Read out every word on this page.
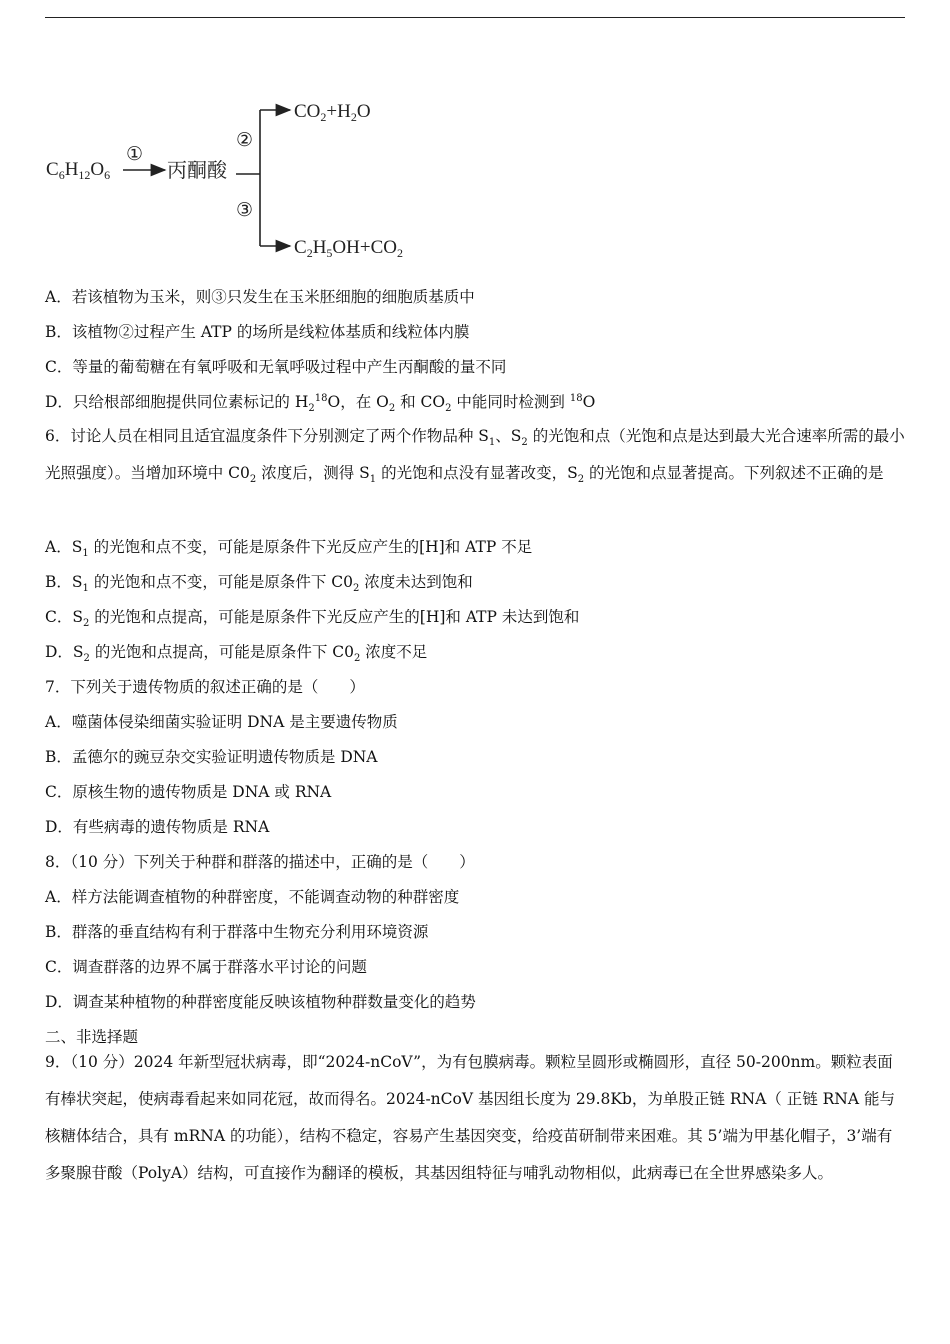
$C_6H_{12}O_6$
①
丙酮酸
②
③
$CO_2+H_2O$
$C_2H_5OH+CO_2$
A．若该植物为玉米，则③只发生在玉米胚细胞的细胞质基质中
B．该植物②过程产生 ATP 的场所是线粒体基质和线粒体内膜
C．等量的葡萄糖在有氧呼吸和无氧呼吸过程中产生丙酮酸的量不同
D．只给根部细胞提供同位素标记的 $H_2^{18}O$，在 $O_2$ 和 $CO_2$ 中能同时检测到 $^{18}$O
6．讨论人员在相同且适宜温度条件下分别测定了两个作物品种 $S_1$、$S_2$ 的光饱和点（光饱和点是达到最大光合速率所需的最小光照强度）。当增加环境中 $C0_2$ 浓度后，测得 $S_1$ 的光饱和点没有显著改变，$S_2$ 的光饱和点显著提高。下列叙述不正确的是
A．$S_1$ 的光饱和点不变，可能是原条件下光反应产生的[H]和 ATP 不足
B．$S_1$ 的光饱和点不变，可能是原条件下 $C0_2$ 浓度未达到饱和
C．$S_2$ 的光饱和点提高，可能是原条件下光反应产生的[H]和 ATP 未达到饱和
D．$S_2$ 的光饱和点提高，可能是原条件下 $C0_2$ 浓度不足
7．下列关于遗传物质的叙述正确的是（　　）
A．噬菌体侵染细菌实验证明 DNA 是主要遗传物质
B．孟德尔的豌豆杂交实验证明遗传物质是 DNA
C．原核生物的遗传物质是 DNA 或 RNA
D．有些病毒的遗传物质是 RNA
8．（10 分）下列关于种群和群落的描述中，正确的是（　　）
A．样方法能调查植物的种群密度，不能调查动物的种群密度
B．群落的垂直结构有利于群落中生物充分利用环境资源
C．调查群落的边界不属于群落水平讨论的问题
D．调查某种植物的种群密度能反映该植物种群数量变化的趋势
二、非选择题
9．（10 分）2024 年新型冠状病毒，即“2024-nCoV”，为有包膜病毒。颗粒呈圆形或椭圆形，直径 50-200nm。颗粒表面有棒状突起，使病毒看起来如同花冠，故而得名。2024-nCoV 基因组长度为 29.8Kb，为单股正链 RNA（ 正链 RNA 能与核糖体结合，具有 mRNA 的功能），结构不稳定，容易产生基因突变，给疫苗研制带来困难。其 5’端为甲基化帽子，3’端有多聚腺苷酸（PolyA）结构，可直接作为翻译的模板，其基因组特征与哺乳动物相似，此病毒已在全世界感染多人。
